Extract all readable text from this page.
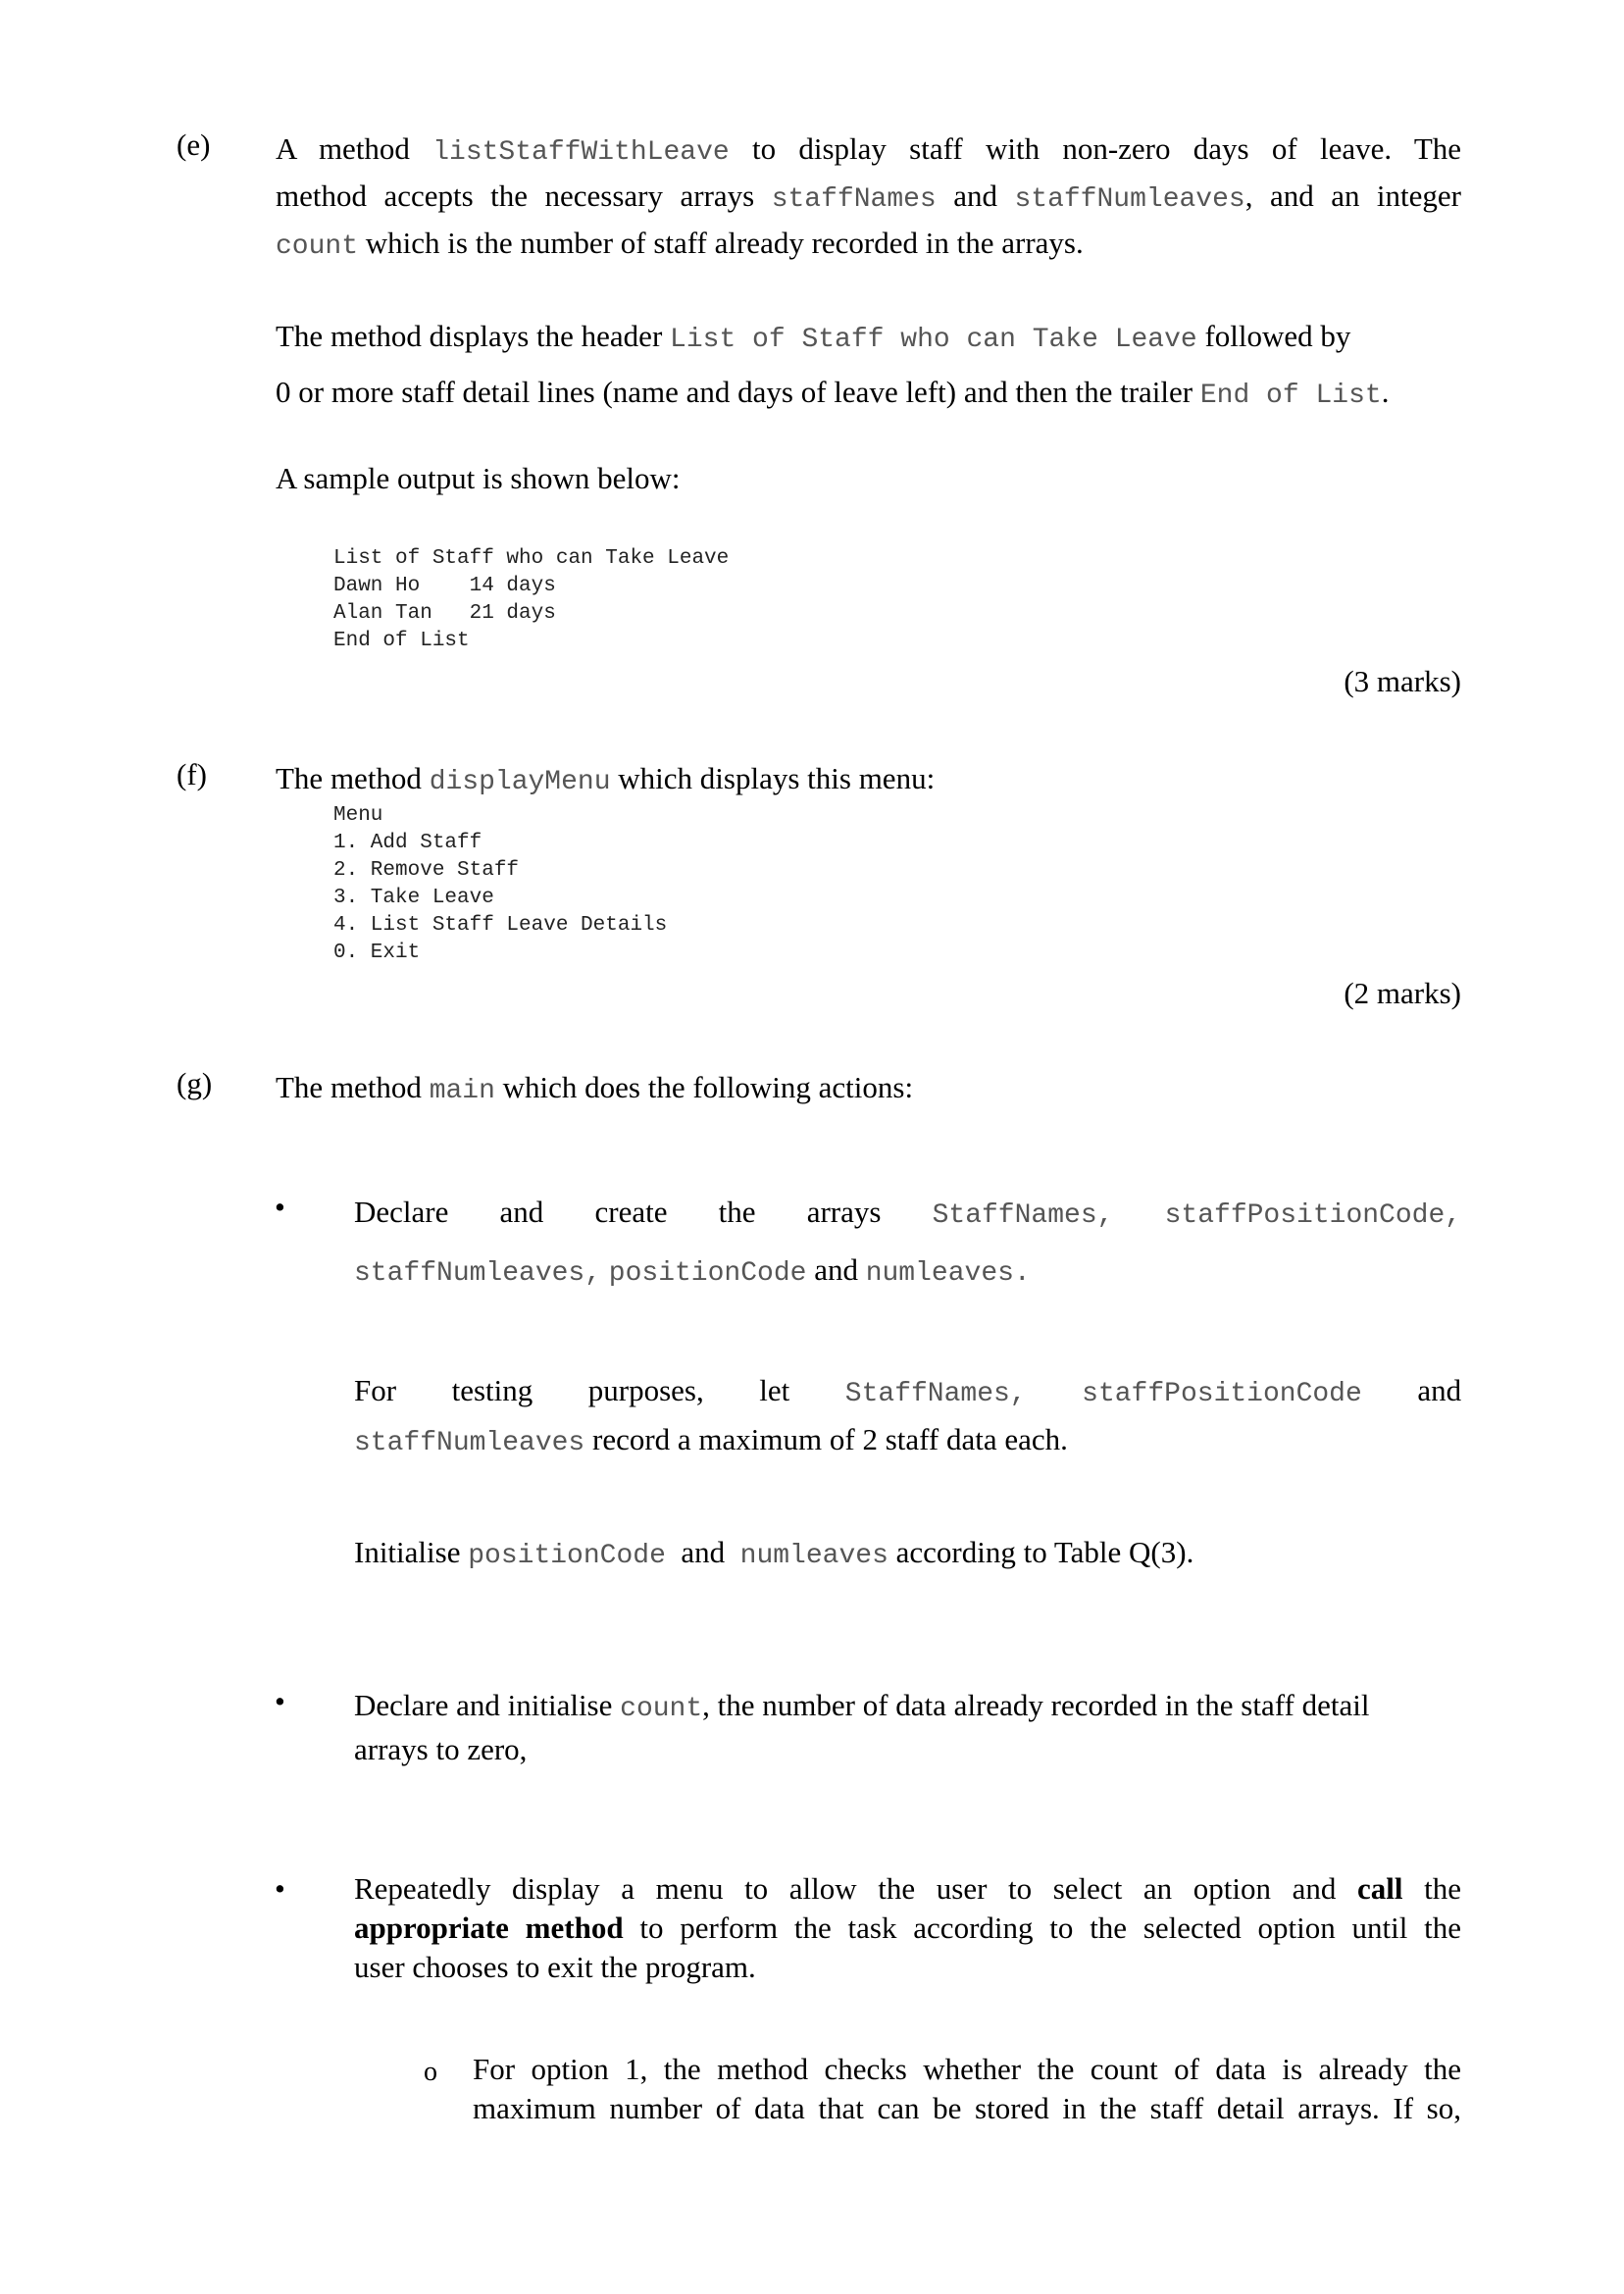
(e) A method listStaffWithLeave to display staff with non-zero days of leave. The
method accepts the necessary arrays staffNames and staffNumleaves, and an integer
count which is the number of staff already recorded in the arrays.
The method displays the header List of Staff who can Take Leave followed by
0 or more staff detail lines (name and days of leave left) and then the trailer End of List.
A sample output is shown below:
List of Staff who can Take Leave
Dawn Ho    14 days
Alan Tan   21 days
End of List
(3 marks)
(f) The method displayMenu which displays this menu:
Menu
1. Add Staff
2. Remove Staff
3. Take Leave
4. List Staff Leave Details
0. Exit
(2 marks)
(g) The method main which does the following actions:
• Declare and create the arrays StaffNames, staffPositionCode,
staffNumleaves, positionCode and numleaves.
For testing purposes, let StaffNames, staffPositionCode and
staffNumleaves record a maximum of 2 staff data each.
Initialise positionCode and numleaves according to Table Q(3).
• Declare and initialise count, the number of data already recorded in the staff detail
arrays to zero,
• Repeatedly display a menu to allow the user to select an option and call the
appropriate method to perform the task according to the selected option until the
user chooses to exit the program.
o For option 1, the method checks whether the count of data is already the
maximum number of data that can be stored in the staff detail arrays. If so,
